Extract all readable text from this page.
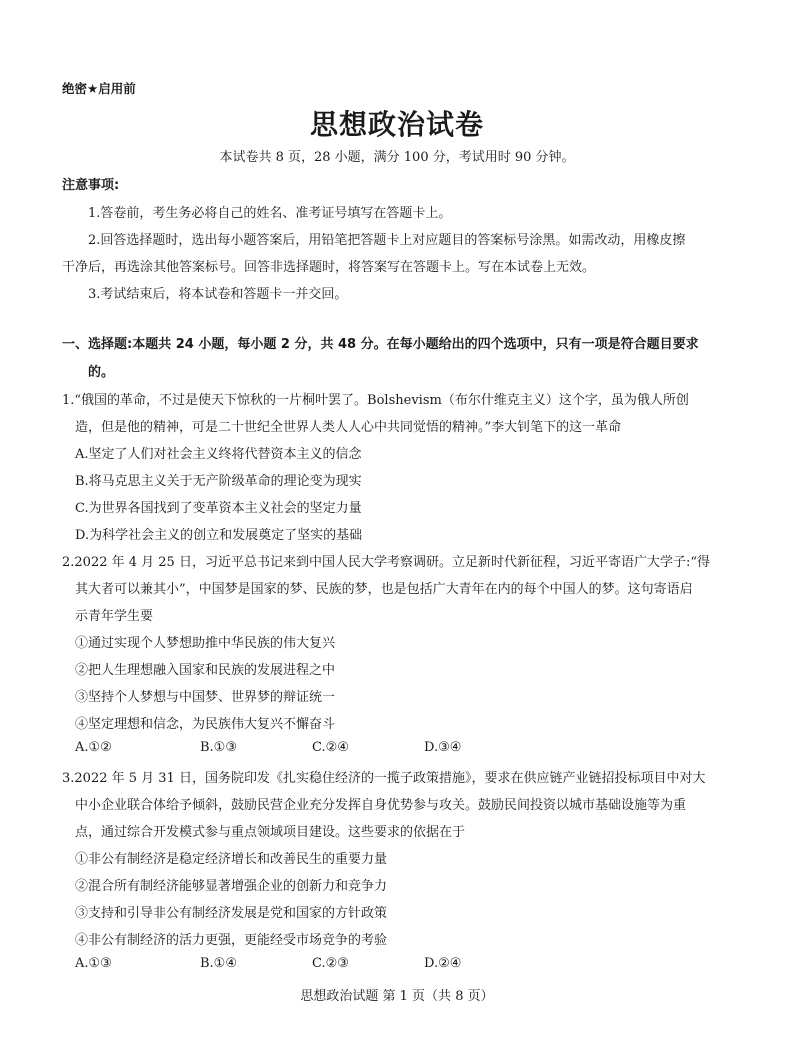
绝密★启用前
思想政治试卷
本试卷共 8 页，28 小题，满分 100 分，考试用时 90 分钟。
注意事项:
1.答卷前，考生务必将自己的姓名、准考证号填写在答题卡上。
2.回答选择题时，选出每小题答案后，用铅笔把答题卡上对应题目的答案标号涂黑。如需改动，用橡皮擦
干净后，再选涂其他答案标号。回答非选择题时，将答案写在答题卡上。写在本试卷上无效。
3.考试结束后，将本试卷和答题卡一并交回。
一、选择题:本题共 24 小题，每小题 2 分，共 48 分。在每小题给出的四个选项中，只有一项是符合题目要求
的。
1.“俄国的革命，不过是使天下惊秋的一片桐叶罢了。Bolshevism（布尔什维克主义）这个字，虽为俄人所创
造，但是他的精神，可是二十世纪全世界人类人人心中共同觉悟的精神。”李大钊笔下的这一革命
A.坚定了人们对社会主义终将代替资本主义的信念
B.将马克思主义关于无产阶级革命的理论变为现实
C.为世界各国找到了变革资本主义社会的坚定力量
D.为科学社会主义的创立和发展奠定了坚实的基础
2.2022 年 4 月 25 日，习近平总书记来到中国人民大学考察调研。立足新时代新征程，习近平寄语广大学子:“得
其大者可以兼其小”，中国梦是国家的梦、民族的梦，也是包括广大青年在内的每个中国人的梦。这句寄语启
示青年学生要
①通过实现个人梦想助推中华民族的伟大复兴
②把人生理想融入国家和民族的发展进程之中
③坚持个人梦想与中国梦、世界梦的辩证统一
④坚定理想和信念，为民族伟大复兴不懈奋斗
A.①②	B.①③	C.②④	D.③④
3.2022 年 5 月 31 日，国务院印发《扎实稳住经济的一揽子政策措施》，要求在供应链产业链招投标项目中对大
中小企业联合体给予倾斜，鼓励民营企业充分发挥自身优势参与攻关。鼓励民间投资以城市基础设施等为重
点，通过综合开发模式参与重点领域项目建设。这些要求的依据在于
①非公有制经济是稳定经济增长和改善民生的重要力量
②混合所有制经济能够显著增强企业的创新力和竞争力
③支持和引导非公有制经济发展是党和国家的方针政策
④非公有制经济的活力更强，更能经受市场竞争的考验
A.①③	B.①④	C.②③	D.②④
思想政治试题 第 1 页（共 8 页）
